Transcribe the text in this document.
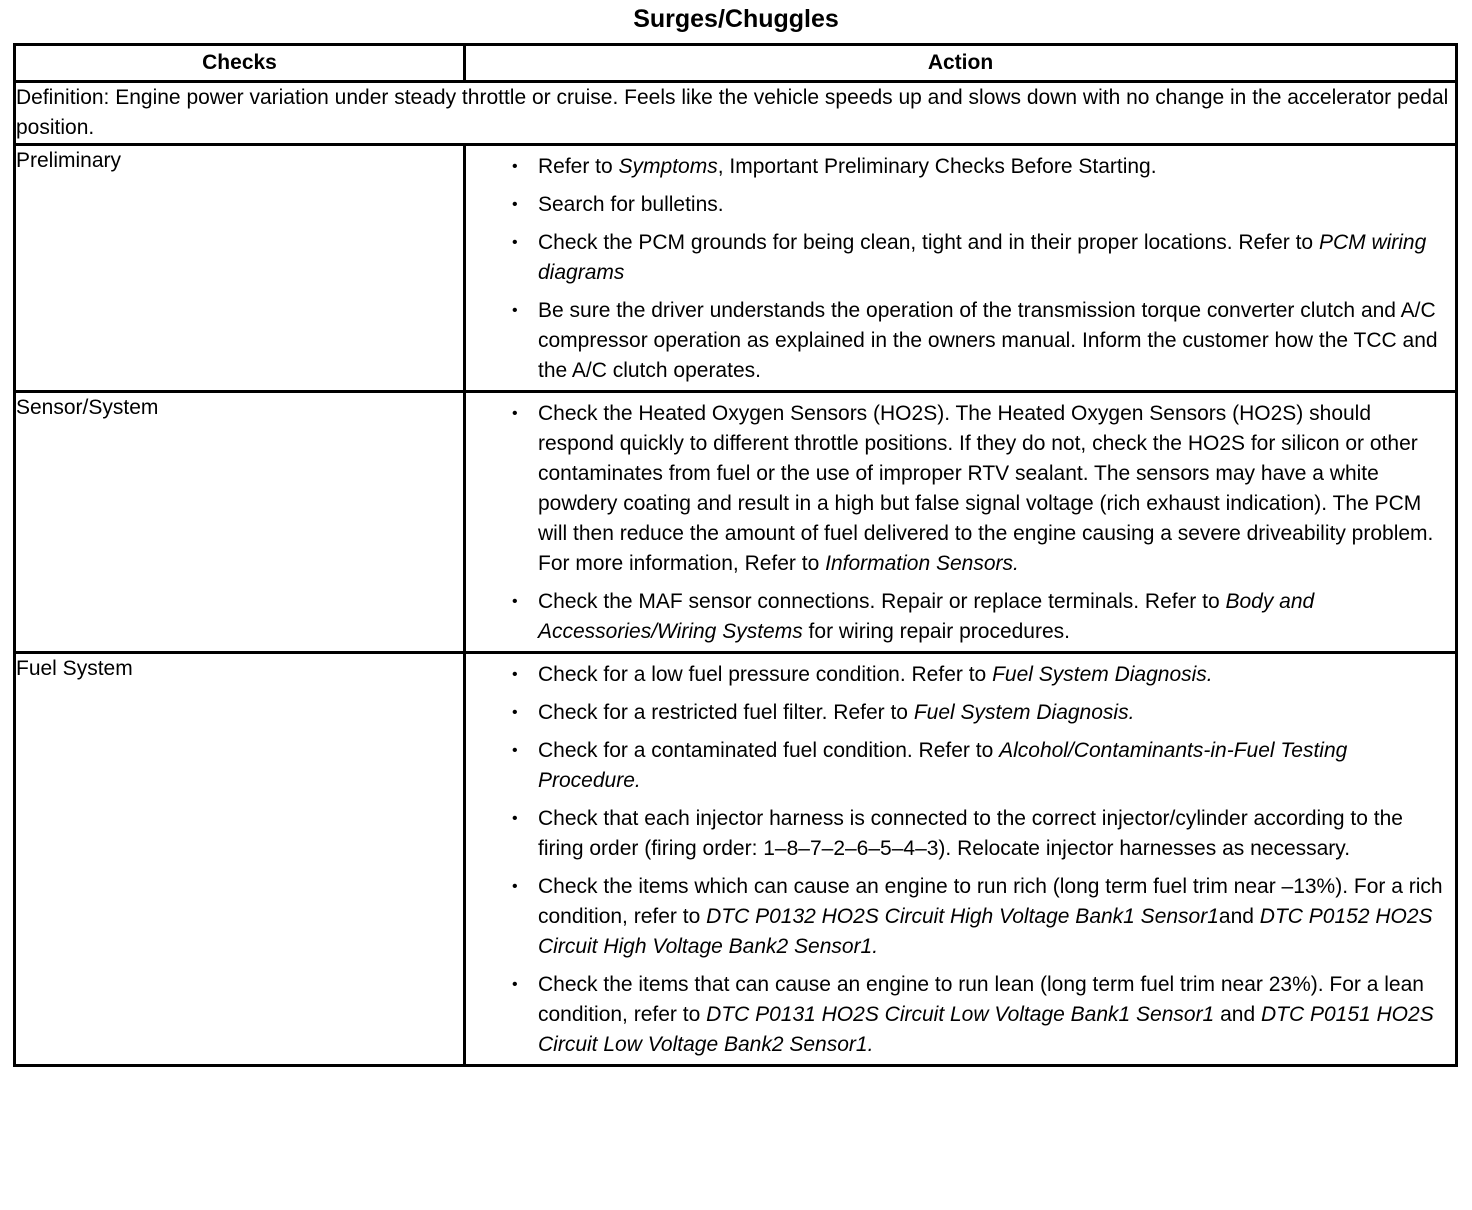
Surges/Chuggles
Checks	Action
Definition: Engine power variation under steady throttle or cruise. Feels like the vehicle speeds up and slows down with no change in the accelerator pedal position.	
Preliminary	• Refer to Symptoms, Important Preliminary Checks Before Starting.
• Search for bulletins.
• Check the PCM grounds for being clean, tight and in their proper locations. Refer to PCM wiring diagrams
• Be sure the driver understands the operation of the transmission torque converter clutch and A/C compressor operation as explained in the owners manual. Inform the customer how the TCC and the A/C clutch operates.

Sensor/System	• Check the Heated Oxygen Sensors (HO2S). The Heated Oxygen Sensors (HO2S) should respond quickly to different throttle positions. If they do not, check the HO2S for silicon or other contaminates from fuel or the use of improper RTV sealant. The sensors may have a white powdery coating and result in a high but false signal voltage (rich exhaust indication). The PCM will then reduce the amount of fuel delivered to the engine causing a severe driveability problem. For more information, Refer to Information Sensors.
• Check the MAF sensor connections. Repair or replace terminals. Refer to Body and Accessories/Wiring Systems for wiring repair procedures.

Fuel System	• Check for a low fuel pressure condition. Refer to Fuel System Diagnosis.
• Check for a restricted fuel filter. Refer to Fuel System Diagnosis.
• Check for a contaminated fuel condition. Refer to Alcohol/Contaminants-in-Fuel Testing Procedure.
• Check that each injector harness is connected to the correct injector/cylinder according to the firing order (firing order: 1–8–7–2–6–5–4–3). Relocate injector harnesses as necessary.
• Check the items which can cause an engine to run rich (long term fuel trim near –13%). For a rich condition, refer to DTC P0132 HO2S Circuit High Voltage Bank1 Sensor1and DTC P0152 HO2S Circuit High Voltage Bank2 Sensor1.
• Check the items that can cause an engine to run lean (long term fuel trim near 23%). For a lean condition, refer to DTC P0131 HO2S Circuit Low Voltage Bank1 Sensor1 and DTC P0151 HO2S Circuit Low Voltage Bank2 Sensor1.
